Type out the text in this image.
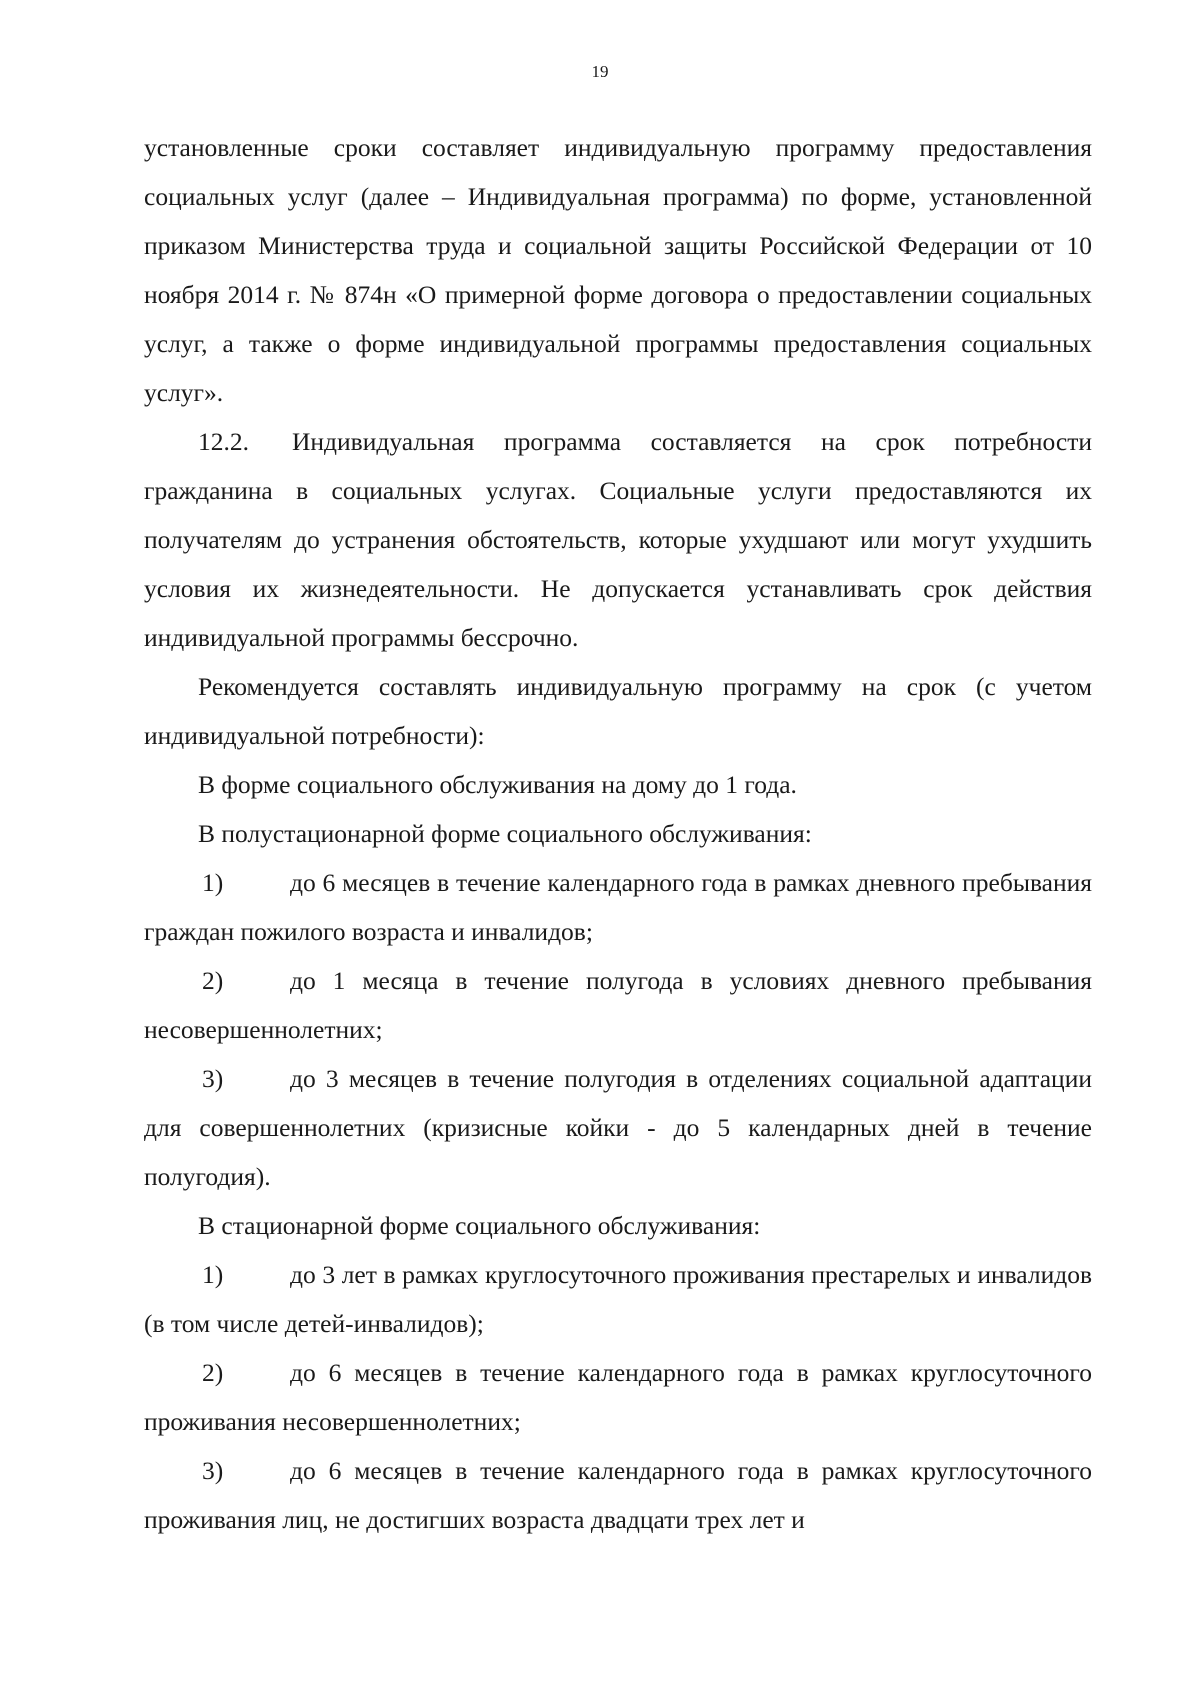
19

установленные сроки составляет индивидуальную программу предоставления социальных услуг (далее – Индивидуальная программа) по форме, установленной приказом Министерства труда и социальной защиты Российской Федерации от 10 ноября 2014 г. № 874н «О примерной форме договора о предоставлении социальных услуг, а также о форме индивидуальной программы предоставления социальных услуг».

12.2. Индивидуальная программа составляется на срок потребности гражданина в социальных услугах. Социальные услуги предоставляются их получателям до устранения обстоятельств, которые ухудшают или могут ухудшить условия их жизнедеятельности. Не допускается устанавливать срок действия индивидуальной программы бессрочно.

Рекомендуется составлять индивидуальную программу на срок (с учетом индивидуальной потребности):

В форме социального обслуживания на дому до 1 года.

В полустационарной форме социального обслуживания:

1)	до 6 месяцев в течение календарного года в рамках дневного пребывания граждан пожилого возраста и инвалидов;

2)	до 1 месяца в течение полугода в условиях дневного пребывания несовершеннолетних;

3)	до 3 месяцев в течение полугодия в отделениях социальной адаптации для совершеннолетних (кризисные койки - до 5 календарных дней в течение полугодия).

В стационарной форме социального обслуживания:

1)	до 3 лет в рамках круглосуточного проживания престарелых и инвалидов (в том числе детей-инвалидов);

2)	до 6 месяцев в течение календарного года в рамках круглосуточного проживания несовершеннолетних;

3)	до 6 месяцев в течение календарного года в рамках круглосуточного проживания лиц, не достигших возраста двадцати трех лет и
